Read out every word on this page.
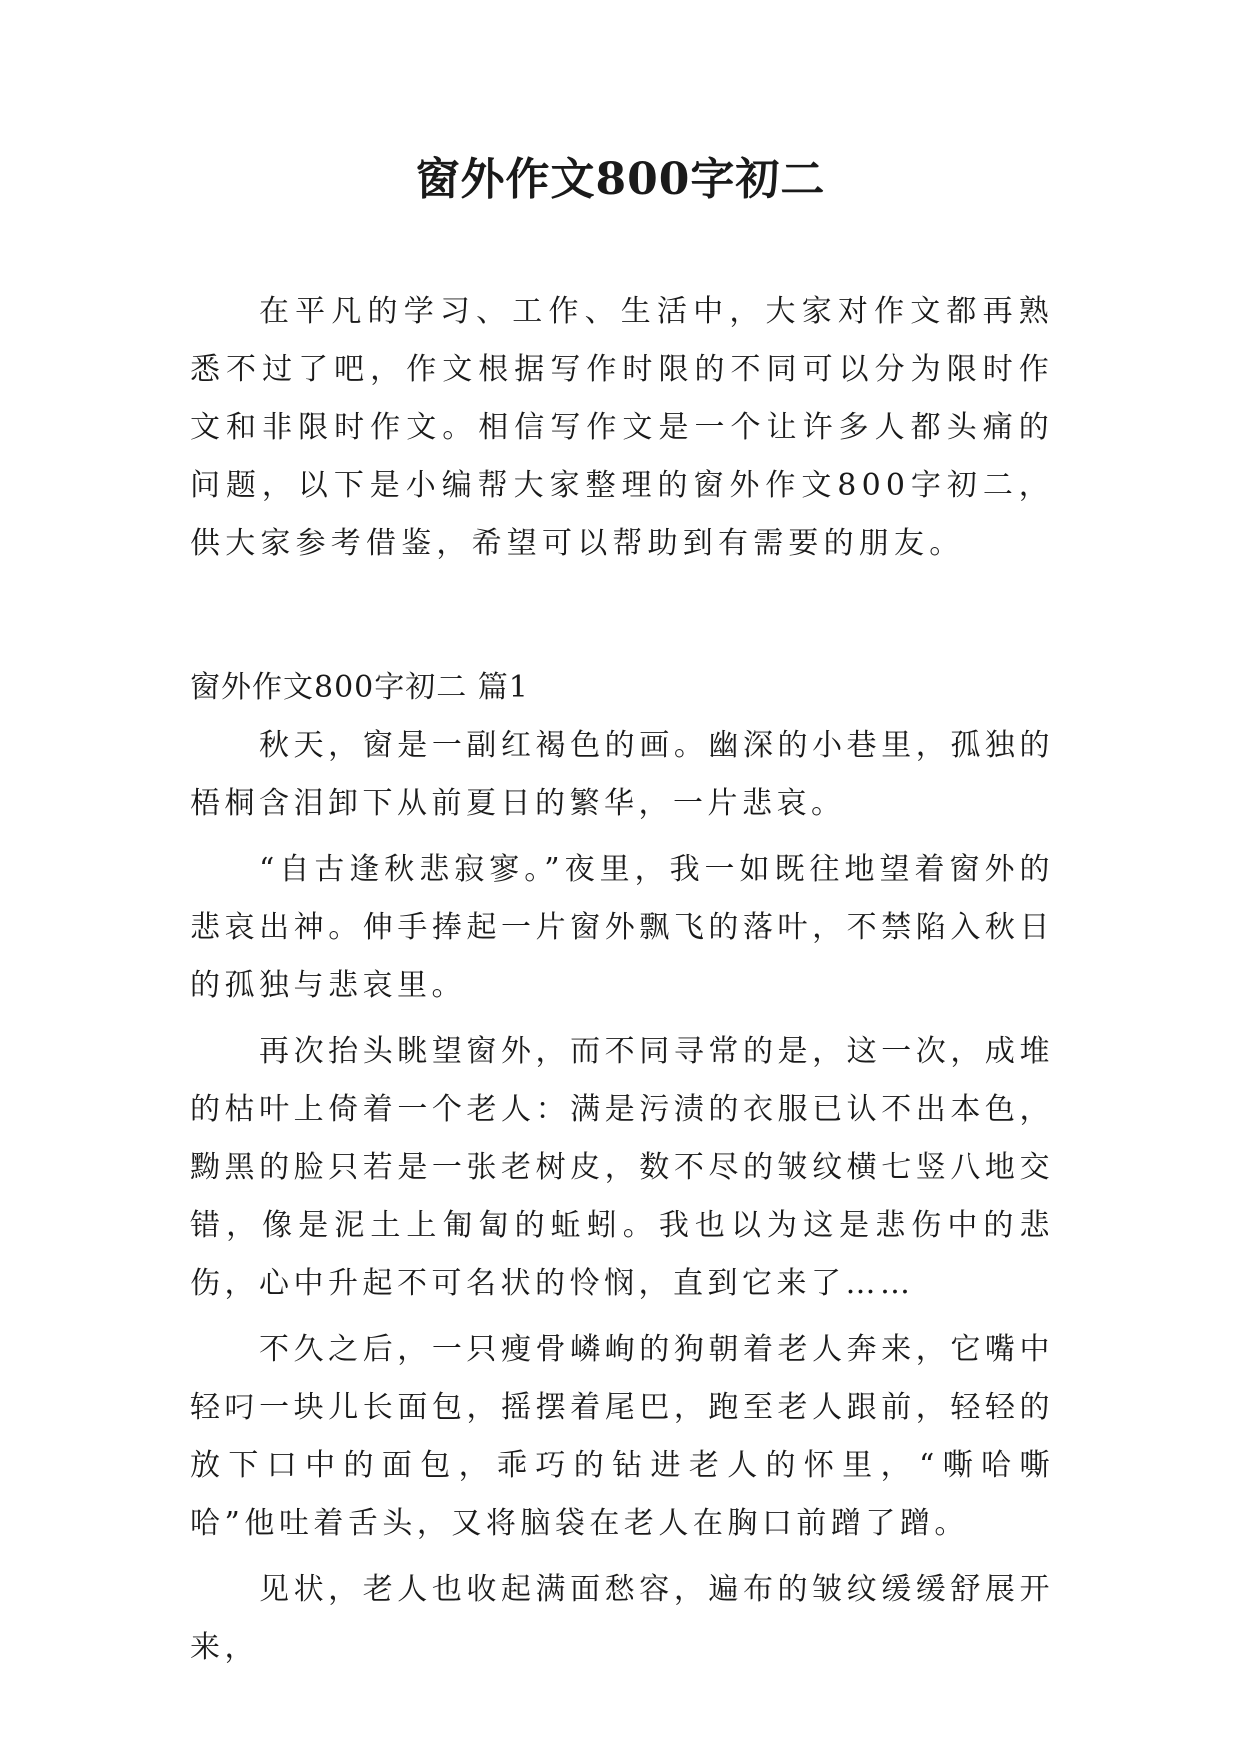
窗外作文800字初二

在平凡的学习、工作、生活中，大家对作文都再熟悉不过了吧，作文根据写作时限的不同可以分为限时作文和非限时作文。相信写作文是一个让许多人都头痛的问题，以下是小编帮大家整理的窗外作文800字初二，供大家参考借鉴，希望可以帮助到有需要的朋友。

窗外作文800字初二 篇1

秋天，窗是一副红褐色的画。幽深的小巷里，孤独的梧桐含泪卸下从前夏日的繁华，一片悲哀。

“自古逢秋悲寂寥。”夜里，我一如既往地望着窗外的悲哀出神。伸手捧起一片窗外飘飞的落叶，不禁陷入秋日的孤独与悲哀里。

再次抬头眺望窗外，而不同寻常的是，这一次，成堆的枯叶上倚着一个老人：满是污渍的衣服已认不出本色，黝黑的脸只若是一张老树皮，数不尽的皱纹横七竖八地交错，像是泥土上匍匐的蚯蚓。我也以为这是悲伤中的悲伤，心中升起不可名状的怜悯，直到它来了……

不久之后，一只瘦骨嶙峋的狗朝着老人奔来，它嘴中轻叼一块儿长面包，摇摆着尾巴，跑至老人跟前，轻轻的放下口中的面包，乖巧的钻进老人的怀里，“嘶哈嘶哈”他吐着舌头，又将脑袋在老人在胸口前蹭了蹭。

见状，老人也收起满面愁容，遍布的皱纹缓缓舒展开来，
